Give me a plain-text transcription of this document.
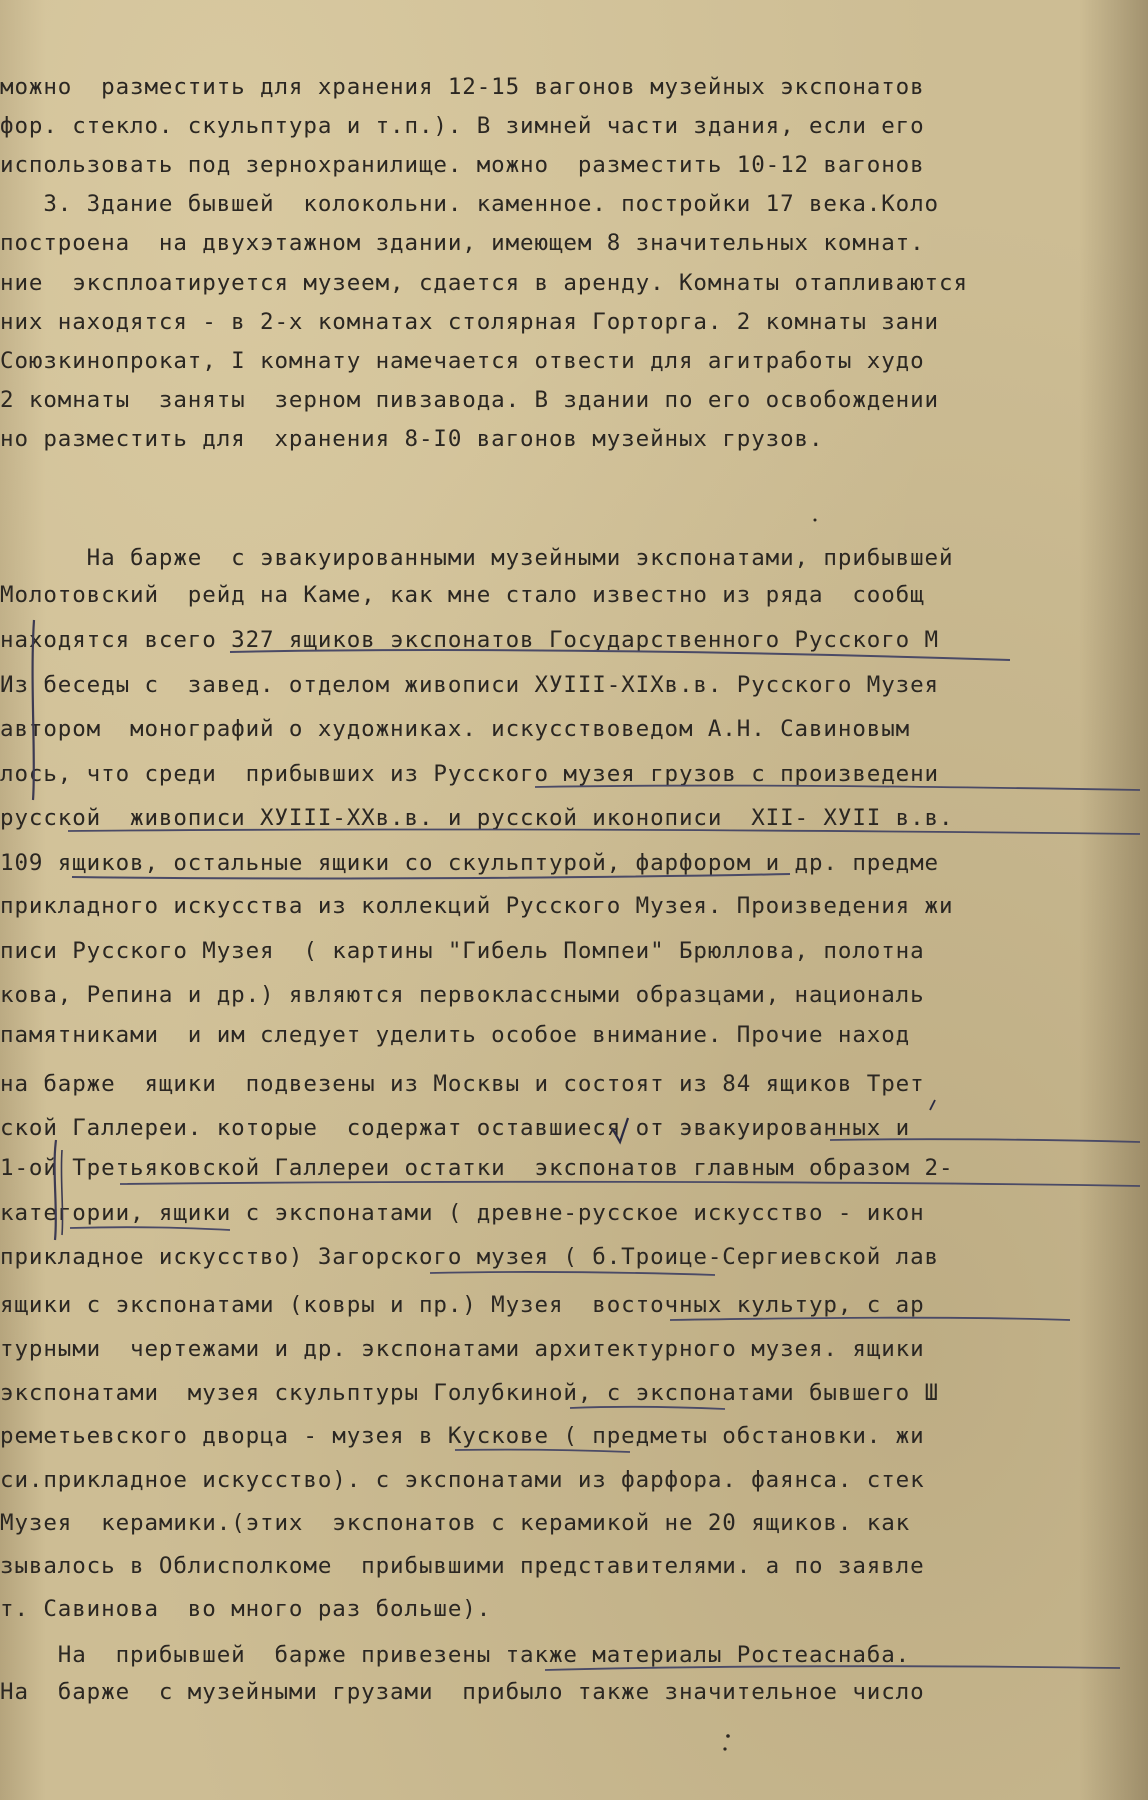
можно  разместить для хранения 12-15 вагонов музейных экспонатов
фор. стекло. скульптура и т.п.). В зимней части здания, если его
использовать под зернохранилище. можно  разместить 10-12 вагонов
3. Здание бывшей  колокольни. каменное. постройки 17 века.Коло
построена  на двухэтажном здании, имеющем 8 значительных комнат.
ние  эксплоатируется музеем, сдается в аренду. Комнаты отапливаются
них находятся - в 2-х комнатах столярная Горторга. 2 комнаты зани
Союзкинопрокат, I комнату намечается отвести для агитработы худо
2 комнаты  заняты  зерном пивзавода. В здании по его освобождении
но разместить для  хранения 8-I0 вагонов музейных грузов.
На барже  с эвакуированными музейными экспонатами, прибывшей
Молотовский  рейд на Каме, как мне стало известно из ряда  сообщ
находятся всего 327 ящиков экспонатов Государственного Русского М
Из беседы с  завед. отделом живописи XУIII-XIXв.в. Русского Музея
автором  монографий о художниках. искусствоведом А.Н. Савиновым
лось, что среди  прибывших из Русского музея грузов с произведени
русской  живописи XУIII-XXв.в. и русской иконописи  XII- XУII в.в.
109 ящиков, остальные ящики со скульптурой, фарфором и др. предме
прикладного искусства из коллекций Русского Музея. Произведения жи
писи Русского Музея  ( картины "Гибель Помпеи" Брюллова, полотна
кова, Репина и др.) являются первоклассными образцами, националь
памятниками  и им следует уделить особое внимание. Прочие наход
на барже  ящики  подвезены из Москвы и состоят из 84 ящиков Трет
ской Галлереи. которые  содержат оставшиеся от эвакуированных и
1-ой Третьяковской Галлереи остатки  экспонатов главным образом 2-
категории, ящики с экспонатами ( древне-русское искусство - икон
прикладное искусство) Загорского музея ( б.Троице-Сергиевской лав
ящики с экспонатами (ковры и пр.) Музея  восточных культур, с ар
турными  чертежами и др. экспонатами архитектурного музея. ящики
экспонатами  музея скульптуры Голубкиной, с экспонатами бывшего Ш
реметьевского дворца - музея в Кускове ( предметы обстановки. жи
си.прикладное искусство). с экспонатами из фарфора. фаянса. стек
Музея  керамики.(этих  экспонатов с керамикой не 20 ящиков. как
зывалось в Облисполкоме  прибывшими представителями. а по заявле
т. Савинова  во много раз больше).
На  прибывшей  барже привезены также материалы Ростеаснаба.
На  барже  с музейными грузами  прибыло также значительное число
